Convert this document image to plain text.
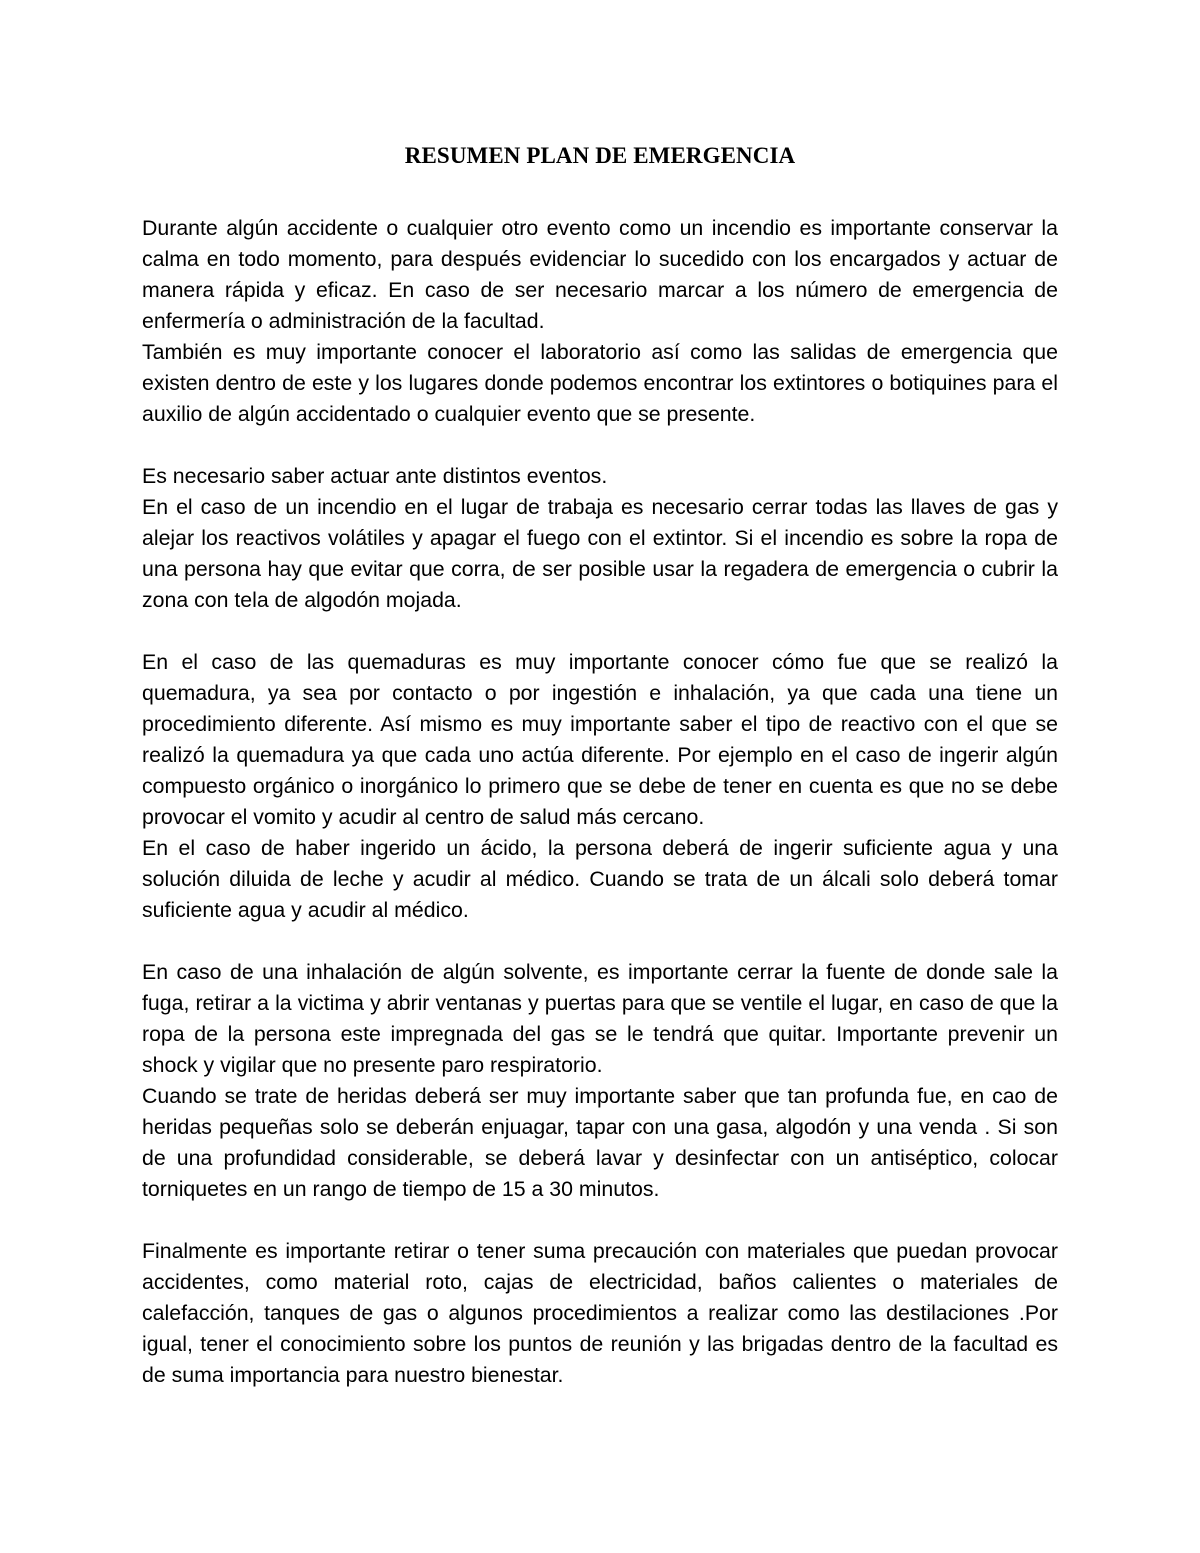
RESUMEN PLAN DE EMERGENCIA

Durante algún accidente o cualquier otro evento como un incendio es importante conservar la calma en todo momento, para después evidenciar lo sucedido con los encargados y actuar de manera rápida y eficaz. En caso de ser necesario marcar a los número de emergencia de enfermería o administración de la facultad.

También es muy importante conocer el laboratorio así como las salidas de emergencia que existen dentro de este y los lugares donde podemos encontrar los extintores o botiquines para el auxilio de algún accidentado o cualquier evento que se presente.

Es necesario saber actuar ante distintos eventos.

En el caso de un incendio en el lugar de trabaja es necesario cerrar todas las llaves de gas y alejar los reactivos volátiles y apagar el fuego con el extintor. Si el incendio es sobre la ropa de una persona hay que evitar que corra, de ser posible usar la regadera de emergencia o cubrir la zona con tela de algodón mojada.

En el caso de las quemaduras es muy importante conocer cómo fue que se realizó la quemadura, ya sea por contacto o por ingestión e inhalación, ya que cada una tiene un procedimiento diferente. Así mismo es muy importante saber el tipo de reactivo con el que se realizó la quemadura ya que cada uno actúa diferente. Por ejemplo en el caso de ingerir algún compuesto orgánico o inorgánico lo primero que se debe de tener en cuenta es que no se debe provocar el vomito y acudir al centro de salud más cercano.

En el caso de haber ingerido un ácido, la persona deberá de ingerir suficiente agua y una solución diluida de leche y acudir al médico. Cuando se trata de un álcali solo deberá tomar suficiente agua y acudir al médico.

En caso de una inhalación de algún solvente, es importante cerrar la fuente de donde sale la fuga, retirar a la victima y abrir ventanas y puertas para que se ventile el lugar, en caso de que la ropa de la persona este impregnada del gas se le tendrá que quitar. Importante prevenir un shock y vigilar que no presente paro respiratorio.

Cuando se trate de heridas deberá ser muy importante saber que tan profunda fue, en cao de heridas pequeñas solo se deberán enjuagar, tapar con una gasa, algodón y una venda . Si son de una profundidad considerable, se deberá lavar y desinfectar con un antiséptico, colocar torniquetes en un rango de tiempo de 15 a 30 minutos.

Finalmente es importante retirar o tener suma precaución con materiales que puedan provocar accidentes, como material roto, cajas de electricidad, baños calientes o materiales de calefacción, tanques de gas o algunos procedimientos a realizar como las destilaciones .Por igual, tener el conocimiento sobre los puntos de reunión y las brigadas dentro de la facultad es de suma importancia para nuestro bienestar.
